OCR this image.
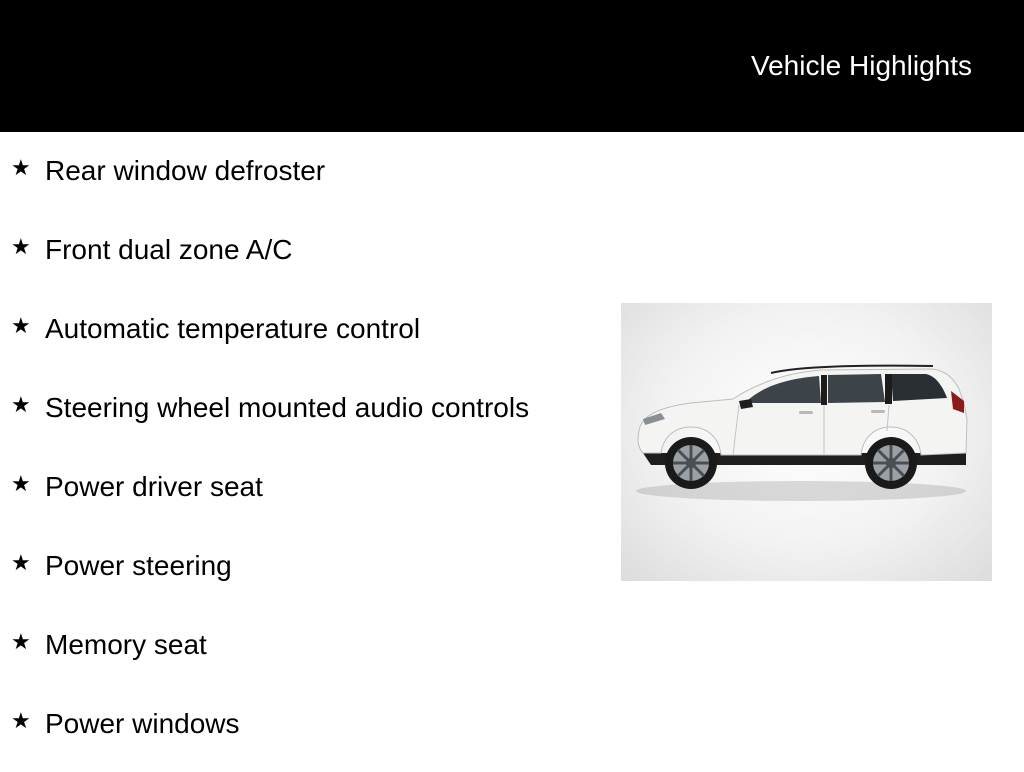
Vehicle Highlights
★ Rear window defroster
★ Front dual zone A/C
★ Automatic temperature control
★ Steering wheel mounted audio controls
★ Power driver seat
★ Power steering
★ Memory seat
★ Power windows
